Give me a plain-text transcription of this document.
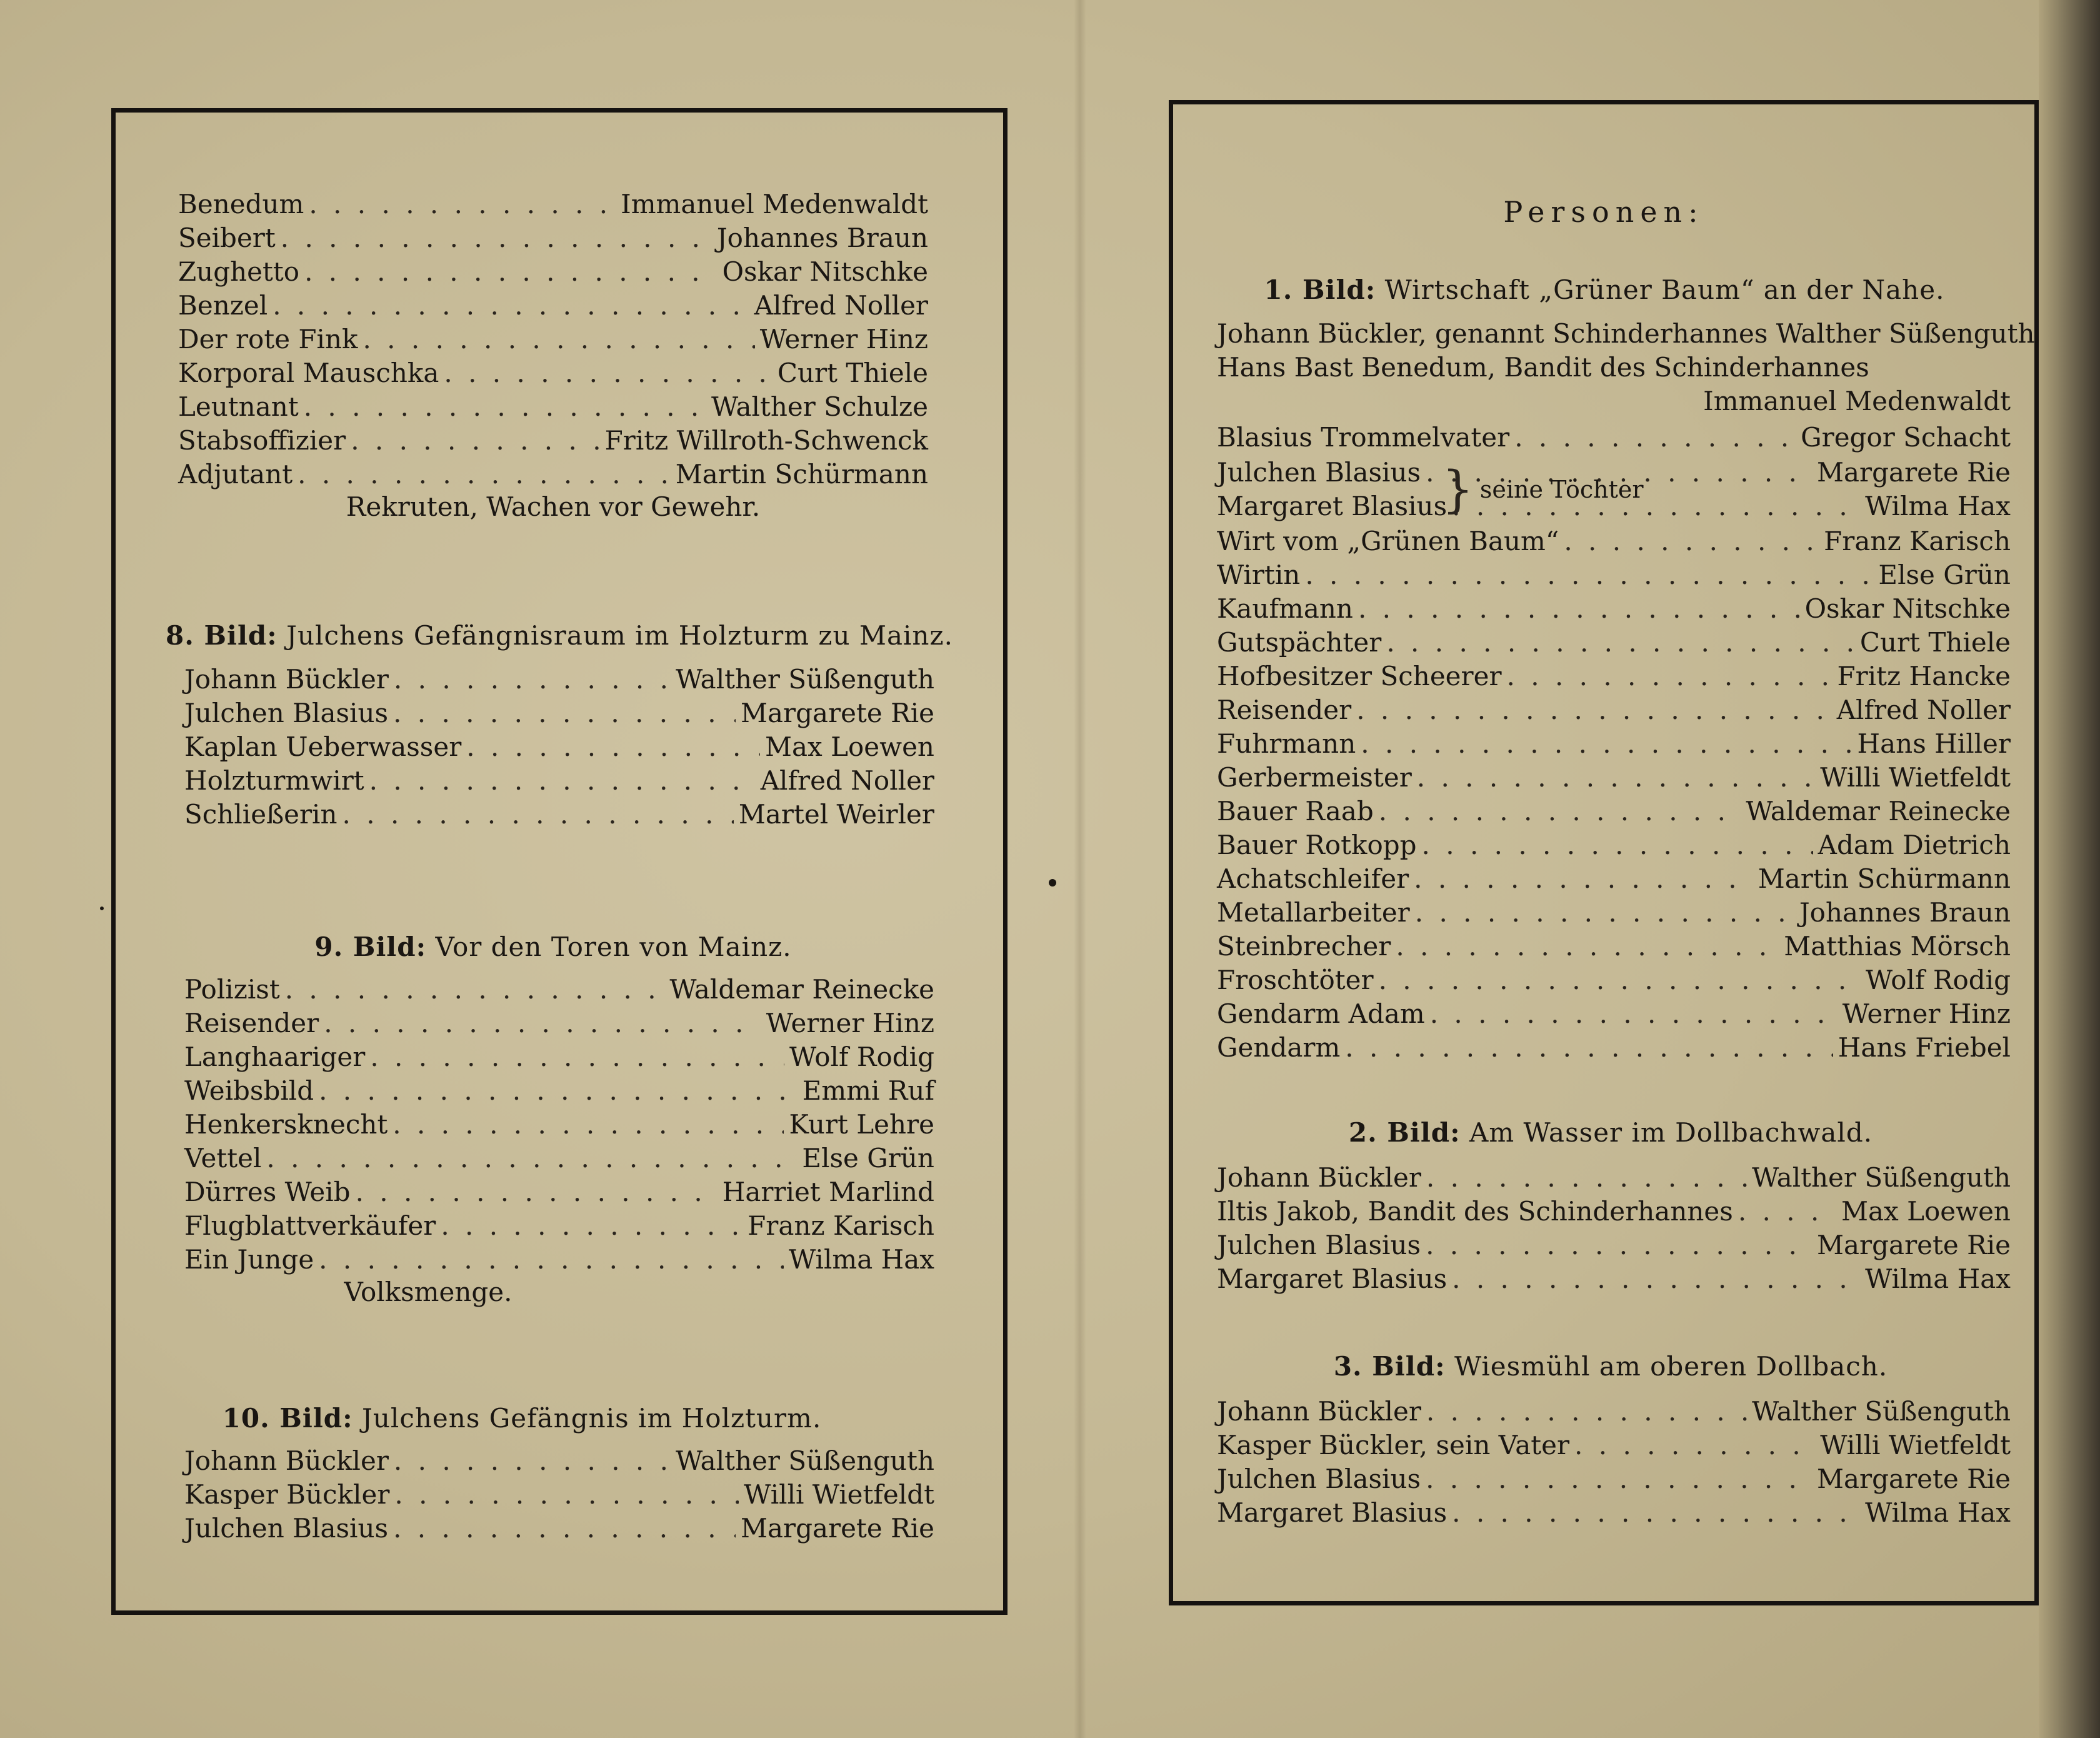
Benedum . . .	Immanuel Medenwaldt
Seibert . . .	Johannes Braun
Zughetto . . .	Oskar Nitschke
Benzel . . .	Alfred Noller
Der rote Fink . . .	Werner Hinz
Korporal Mauschka . . .	Curt Thiele
Leutnant . . .	Walther Schulze
Stabsoffizier . . .	Fritz Willroth-Schwenck
Adjutant . . .	Martin Schürmann
Rekruten, Wachen vor Gewehr.
8. Bild: Julchens Gefängnisraum im Holzturm zu Mainz.
Johann Bückler . . .	Walther Süßenguth
Julchen Blasius . . .	Margarete Rie
Kaplan Ueberwasser . . .	Max Loewen
Holzturmwirt . . .	Alfred Noller
Schließerin . . .	Martel Weirler
9. Bild: Vor den Toren von Mainz.
Polizist . . .	Waldemar Reinecke
Reisender . . .	Werner Hinz
Langhaariger . . .	Wolf Rodig
Weibsbild . . .	Emmi Ruf
Henkersknecht . . .	Kurt Lehre
Vettel . . .	Else Grün
Dürres Weib . . .	Harriet Marlind
Flugblattverkäufer . . .	Franz Karisch
Ein Junge . . .	Wilma Hax
Volksmenge.
10. Bild: Julchens Gefängnis im Holzturm.
Johann Bückler . . .	Walther Süßenguth
Kasper Bückler . . .	Willi Wietfeldt
Julchen Blasius . . .	Margarete Rie
Personen:
1. Bild: Wirtschaft „Grüner Baum“ an der Nahe.
Johann Bückler, genannt Schinderhannes Walther Süßenguth
Hans Bast Benedum, Bandit des Schinderhannes
Immanuel Medenwaldt
Blasius Trommelvater . . .	Gregor Schacht
Julchen Blasius . . .	Margarete Rie
Margaret Blasius . . .	Wilma Hax
} seine Töchter
Wirt vom „Grünen Baum“ . . .	Franz Karisch
Wirtin . . .	Else Grün
Kaufmann . . .	Oskar Nitschke
Gutspächter . . .	Curt Thiele
Hofbesitzer Scheerer . . .	Fritz Hancke
Reisender . . .	Alfred Noller
Fuhrmann . . .	Hans Hiller
Gerbermeister . . .	Willi Wietfeldt
Bauer Raab . . .	Waldemar Reinecke
Bauer Rotkopp . . .	Adam Dietrich
Achatschleifer . . .	Martin Schürmann
Metallarbeiter . . .	Johannes Braun
Steinbrecher . . .	Matthias Mörsch
Froschtöter . . .	Wolf Rodig
Gendarm Adam . . .	Werner Hinz
Gendarm . . .	Hans Friebel
2. Bild: Am Wasser im Dollbachwald.
Johann Bückler . . .	Walther Süßenguth
Iltis Jakob, Bandit des Schinderhannes . . .	Max Loewen
Julchen Blasius . . .	Margarete Rie
Margaret Blasius . . .	Wilma Hax
3. Bild: Wiesmühl am oberen Dollbach.
Johann Bückler . . .	Walther Süßenguth
Kasper Bückler, sein Vater . . .	Willi Wietfeldt
Julchen Blasius . . .	Margarete Rie
Margaret Blasius . . .	Wilma Hax
